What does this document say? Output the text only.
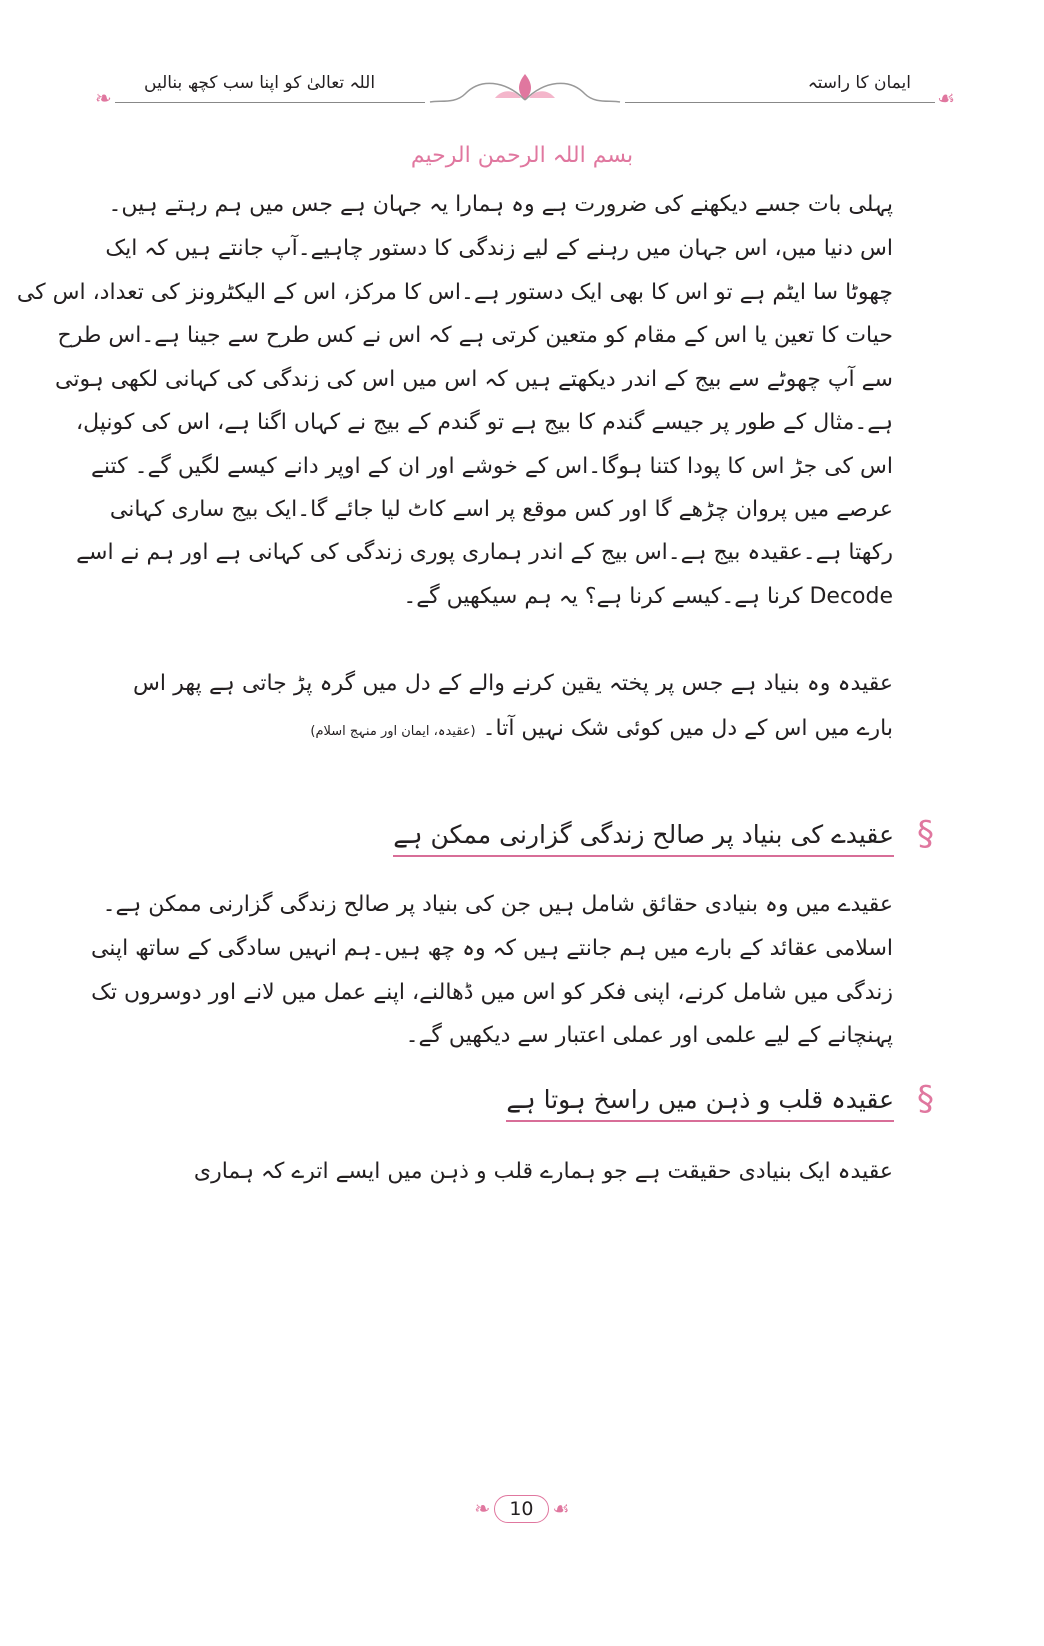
❧	☙
ایمان کا راستہ
اللہ تعالیٰ کو اپنا سب کچھ بنالیں
بسم اللہ الرحمن الرحیم
پہلی بات جسے دیکھنے کی ضرورت ہے وہ ہمارا یہ جہان ہے جس میں ہم رہتے ہیں۔
اس دنیا میں، اس جہان میں رہنے کے لیے زندگی کا دستور چاہیے۔آپ جانتے ہیں کہ ایک
چھوٹا سا ایٹم ہے تو اس کا بھی ایک دستور ہے۔اس کا مرکز، اس کے الیکٹرونز کی تعداد، اس کی
حیات کا تعین یا اس کے مقام کو متعین کرتی ہے کہ اس نے کس طرح سے جینا ہے۔اس طرح
سے آپ چھوٹے سے بیج کے اندر دیکھتے ہیں کہ اس میں اس کی زندگی کی کہانی لکھی ہوتی
ہے۔مثال کے طور پر جیسے گندم کا بیج ہے تو گندم کے بیج نے کہاں اگنا ہے، اس کی کونپل،
اس کی جڑ اس کا پودا کتنا ہوگا۔اس کے خوشے اور ان کے اوپر دانے کیسے لگیں گے۔ کتنے
عرصے میں پروان چڑھے گا اور کس موقع پر اسے کاٹ لیا جائے گا۔ایک بیج ساری کہانی
رکھتا ہے۔عقیدہ بیج ہے۔اس بیج کے اندر ہماری پوری زندگی کی کہانی ہے اور ہم نے اسے
Decode کرنا ہے۔کیسے کرنا ہے؟ یہ ہم سیکھیں گے۔
عقیدہ وہ بنیاد ہے جس پر پختہ یقین کرنے والے کے دل میں گرہ پڑ جاتی ہے پھر اس
بارے میں اس کے دل میں کوئی شک نہیں آتا۔ (عقیدہ، ایمان اور منہج اسلام)
عقیدے میں وہ بنیادی حقائق شامل ہیں جن کی بنیاد پر صالح زندگی گزارنی ممکن ہے۔
اسلامی عقائد کے بارے میں ہم جانتے ہیں کہ وہ چھ ہیں۔ہم انہیں سادگی کے ساتھ اپنی
زندگی میں شامل کرنے، اپنی فکر کو اس میں ڈھالنے، اپنے عمل میں لانے اور دوسروں تک
پہنچانے کے لیے علمی اور عملی اعتبار سے دیکھیں گے۔
عقیدہ ایک بنیادی حقیقت ہے جو ہمارے قلب و ذہن میں ایسے اترے کہ ہماری
§
عقیدے کی بنیاد پر صالح زندگی گزارنی ممکن ہے
§
عقیدہ قلب و ذہن میں راسخ ہوتا ہے
❧ 10 ☙
